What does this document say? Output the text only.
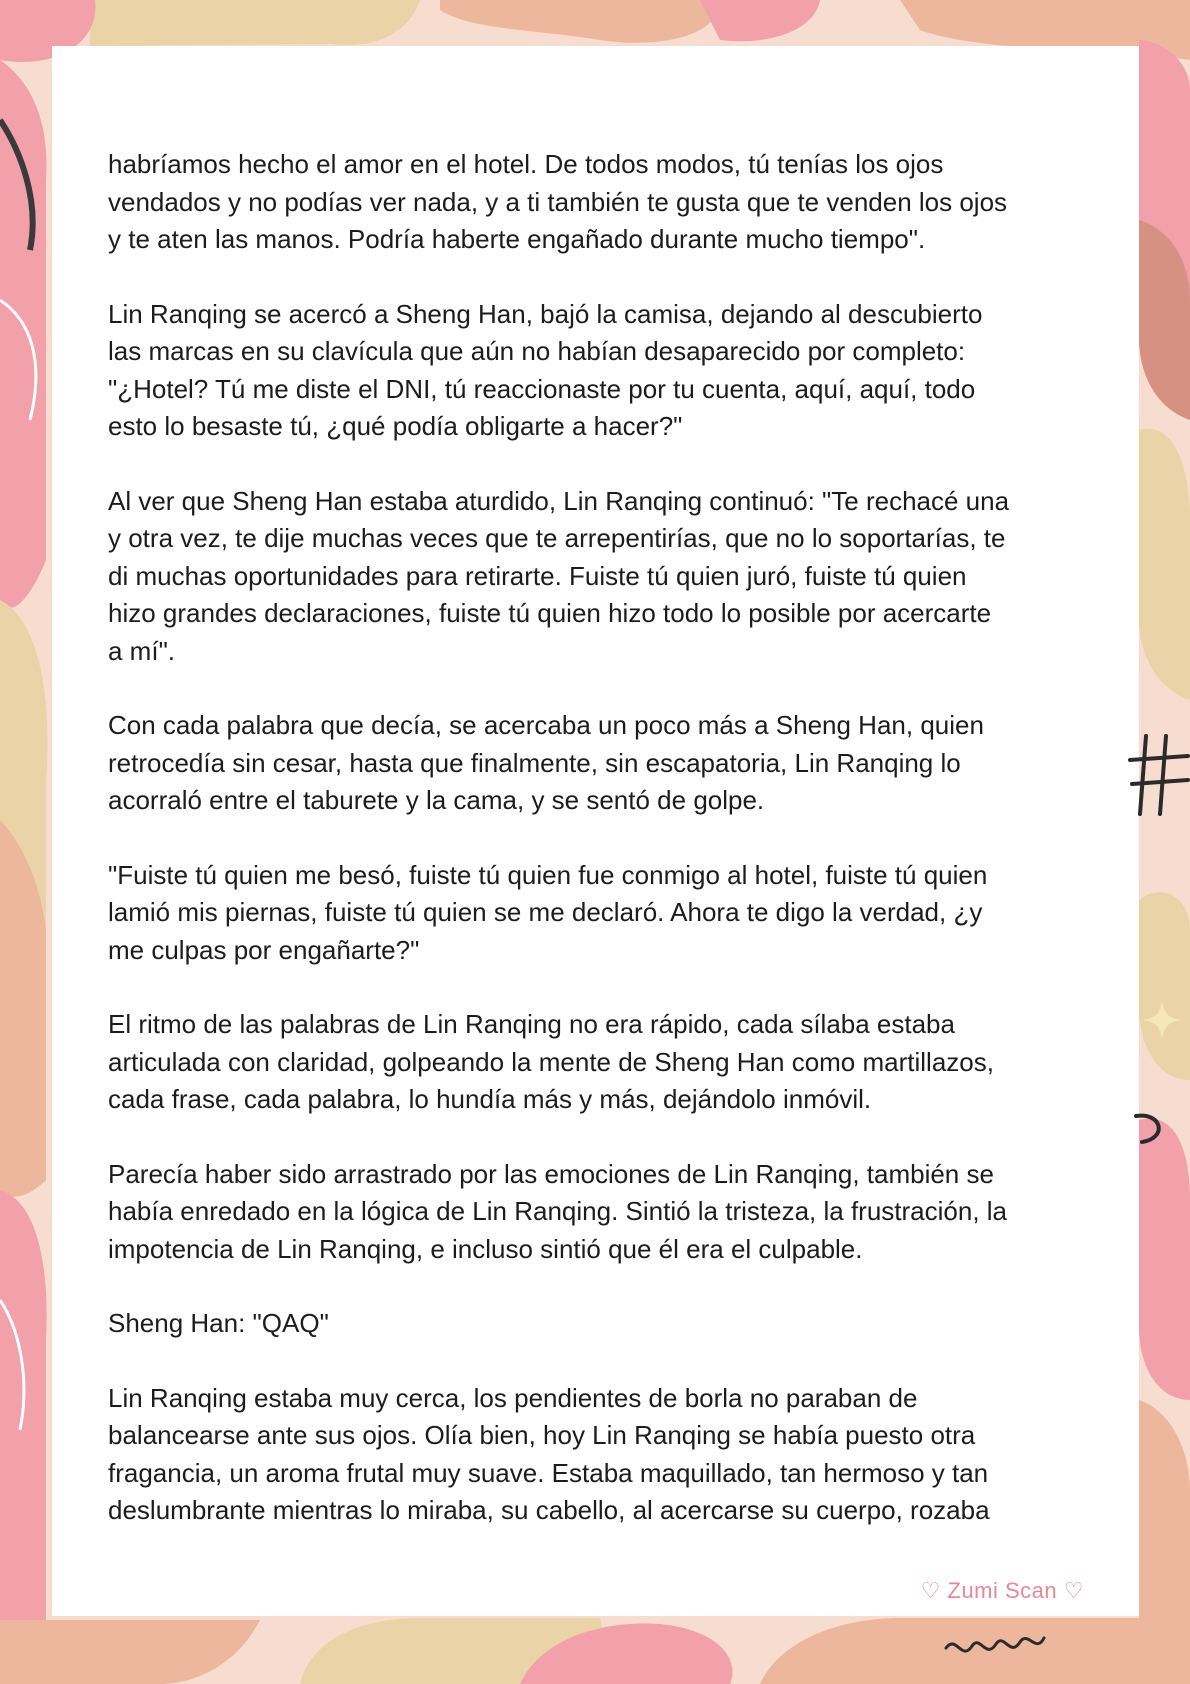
habríamos hecho el amor en el hotel. De todos modos, tú tenías los ojos
vendados y no podías ver nada, y a ti también te gusta que te venden los ojos
y te aten las manos. Podría haberte engañado durante mucho tiempo".

Lin Ranqing se acercó a Sheng Han, bajó la camisa, dejando al descubierto
las marcas en su clavícula que aún no habían desaparecido por completo:
"¿Hotel? Tú me diste el DNI, tú reaccionaste por tu cuenta, aquí, aquí, todo
esto lo besaste tú, ¿qué podía obligarte a hacer?"

Al ver que Sheng Han estaba aturdido, Lin Ranqing continuó: "Te rechacé una
y otra vez, te dije muchas veces que te arrepentirías, que no lo soportarías, te
di muchas oportunidades para retirarte. Fuiste tú quien juró, fuiste tú quien
hizo grandes declaraciones, fuiste tú quien hizo todo lo posible por acercarte
a mí".

Con cada palabra que decía, se acercaba un poco más a Sheng Han, quien
retrocedía sin cesar, hasta que finalmente, sin escapatoria, Lin Ranqing lo
acorraló entre el taburete y la cama, y se sentó de golpe.

"Fuiste tú quien me besó, fuiste tú quien fue conmigo al hotel, fuiste tú quien
lamió mis piernas, fuiste tú quien se me declaró. Ahora te digo la verdad, ¿y
me culpas por engañarte?"

El ritmo de las palabras de Lin Ranqing no era rápido, cada sílaba estaba
articulada con claridad, golpeando la mente de Sheng Han como martillazos,
cada frase, cada palabra, lo hundía más y más, dejándolo inmóvil.

Parecía haber sido arrastrado por las emociones de Lin Ranqing, también se
había enredado en la lógica de Lin Ranqing. Sintió la tristeza, la frustración, la
impotencia de Lin Ranqing, e incluso sintió que él era el culpable.

Sheng Han: "QAQ"

Lin Ranqing estaba muy cerca, los pendientes de borla no paraban de
balancearse ante sus ojos. Olía bien, hoy Lin Ranqing se había puesto otra
fragancia, un aroma frutal muy suave. Estaba maquillado, tan hermoso y tan
deslumbrante mientras lo miraba, su cabello, al acercarse su cuerpo, rozaba

♡ Zumi Scan ♡
